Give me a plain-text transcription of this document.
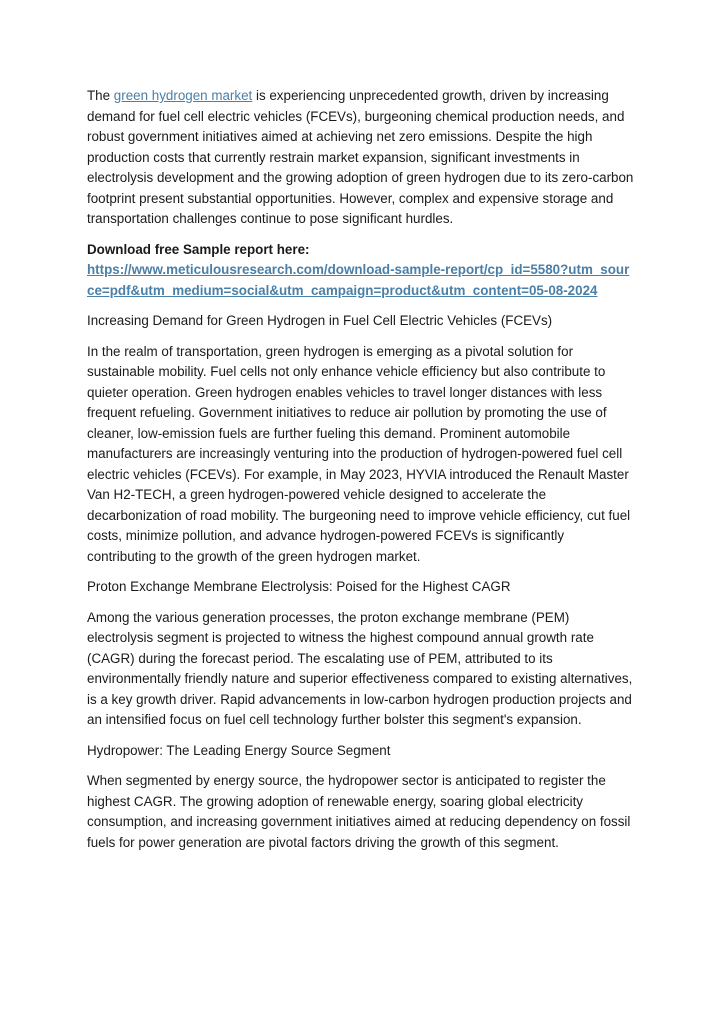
The green hydrogen market is experiencing unprecedented growth, driven by increasing demand for fuel cell electric vehicles (FCEVs), burgeoning chemical production needs, and robust government initiatives aimed at achieving net zero emissions. Despite the high production costs that currently restrain market expansion, significant investments in electrolysis development and the growing adoption of green hydrogen due to its zero-carbon footprint present substantial opportunities. However, complex and expensive storage and transportation challenges continue to pose significant hurdles.

Download free Sample report here:

https://www.meticulousresearch.com/download-sample-report/cp_id=5580?utm_source=pdf&utm_medium=social&utm_campaign=product&utm_content=05-08-2024

Increasing Demand for Green Hydrogen in Fuel Cell Electric Vehicles (FCEVs)

In the realm of transportation, green hydrogen is emerging as a pivotal solution for sustainable mobility. Fuel cells not only enhance vehicle efficiency but also contribute to quieter operation. Green hydrogen enables vehicles to travel longer distances with less frequent refueling. Government initiatives to reduce air pollution by promoting the use of cleaner, low-emission fuels are further fueling this demand. Prominent automobile manufacturers are increasingly venturing into the production of hydrogen-powered fuel cell electric vehicles (FCEVs). For example, in May 2023, HYVIA introduced the Renault Master Van H2-TECH, a green hydrogen-powered vehicle designed to accelerate the decarbonization of road mobility. The burgeoning need to improve vehicle efficiency, cut fuel costs, minimize pollution, and advance hydrogen-powered FCEVs is significantly contributing to the growth of the green hydrogen market.

Proton Exchange Membrane Electrolysis: Poised for the Highest CAGR

Among the various generation processes, the proton exchange membrane (PEM) electrolysis segment is projected to witness the highest compound annual growth rate (CAGR) during the forecast period. The escalating use of PEM, attributed to its environmentally friendly nature and superior effectiveness compared to existing alternatives, is a key growth driver. Rapid advancements in low-carbon hydrogen production projects and an intensified focus on fuel cell technology further bolster this segment's expansion.

Hydropower: The Leading Energy Source Segment

When segmented by energy source, the hydropower sector is anticipated to register the highest CAGR. The growing adoption of renewable energy, soaring global electricity consumption, and increasing government initiatives aimed at reducing dependency on fossil fuels for power generation are pivotal factors driving the growth of this segment.
